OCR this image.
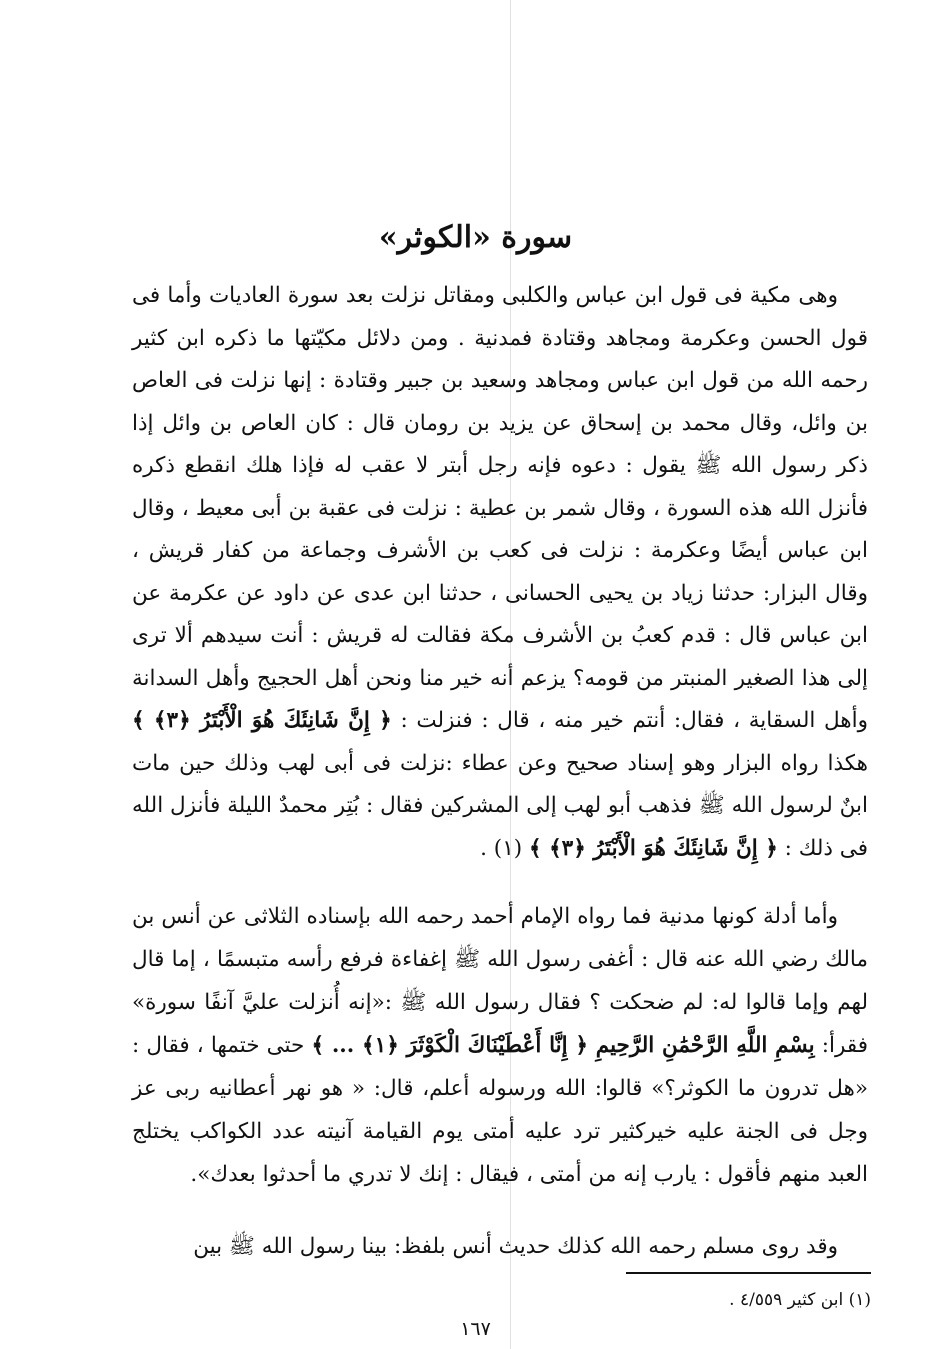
سورة «الكوثر»

وهى مكية فى قول ابن عباس والكلبى ومقاتل نزلت بعد سورة العاديات وأما فى قول الحسن وعكرمة ومجاهد وقتادة فمدنية . ومن دلائل مكيّتها ما ذكره ابن كثير رحمه الله من قول ابن عباس ومجاهد وسعيد بن جبير وقتادة : إنها نزلت فى العاص بن وائل، وقال محمد بن إسحاق عن يزيد بن رومان قال : كان العاص بن وائل إذا ذكر رسول الله ﷺ يقول : دعوه فإنه رجل أبتر لا عقب له فإذا هلك انقطع ذكره فأنزل الله هذه السورة ، وقال شمر بن عطية : نزلت فى عقبة بن أبى معيط ، وقال ابن عباس أيضًا وعكرمة : نزلت فى كعب بن الأشرف وجماعة من كفار قريش ، وقال البزار: حدثنا زياد بن يحيى الحسانى ، حدثنا ابن عدى عن داود عن عكرمة عن ابن عباس قال : قدم كعبُ بن الأشرف مكة فقالت له قريش : أنت سيدهم ألا ترى إلى هذا الصغير المنبتر من قومه؟ يزعم أنه خير منا ونحن أهل الحجيج وأهل السدانة وأهل السقاية ، فقال: أنتم خير منه ، قال : فنزلت : ﴿ إِنَّ شَانِئَكَ هُوَ الْأَبْتَرُ ﴿٣﴾ ﴾ هكذا رواه البزار وهو إسناد صحيح وعن عطاء :نزلت فى أبى لهب وذلك حين مات ابنٌ لرسول الله ﷺ فذهب أبو لهب إلى المشركين فقال : بُتِر محمدٌ الليلة فأنزل الله فى ذلك : ﴿ إِنَّ شَانِئَكَ هُوَ الْأَبْتَرُ ﴿٣﴾ ﴾ (١) .

وأما أدلة كونها مدنية فما رواه الإمام أحمد رحمه الله بإسناده الثلاثى عن أنس بن مالك رضي الله عنه قال : أغفى رسول الله ﷺ إغفاءة فرفع رأسه متبسمًا ، إما قال لهم وإما قالوا له: لم ضحكت ؟ فقال رسول الله ﷺ :«إنه أُنزلت عليَّ آنفًا سورة» فقرأ: بِسْمِ اللَّهِ الرَّحْمَٰنِ الرَّحِيمِ ﴿ إِنَّا أَعْطَيْنَاكَ الْكَوْثَرَ ﴿١﴾ ... ﴾ حتى ختمها ، فقال : «هل تدرون ما الكوثر؟» قالوا: الله ورسوله أعلم، قال: « هو نهر أعطانيه ربى عز وجل فى الجنة عليه خيركثير ترد عليه أمتى يوم القيامة آنيته عدد الكواكب يختلج العبد منهم فأقول : يارب إنه من أمتى ، فيقال : إنك لا تدري ما أحدثوا بعدك».

وقد روى مسلم رحمه الله كذلك حديث أنس بلفظ: بينا رسول الله ﷺ بين

(١) ابن كثير ٤/٥٥٩ .
١٦٧
